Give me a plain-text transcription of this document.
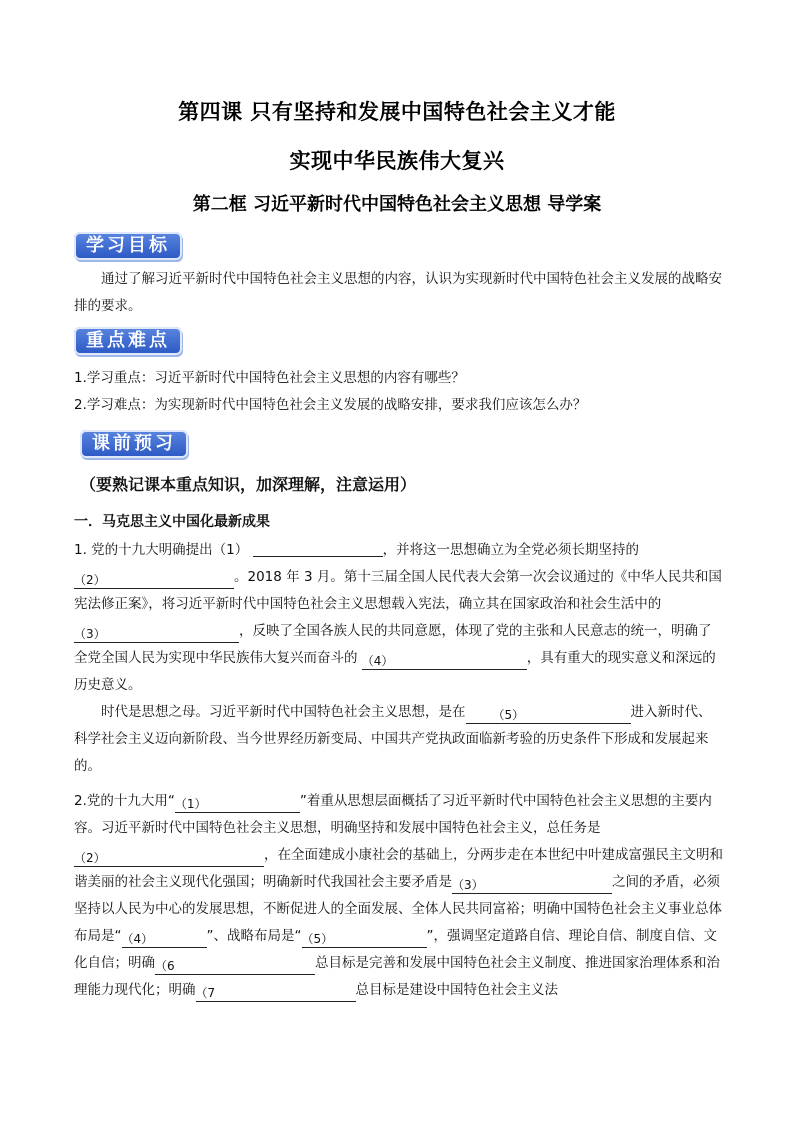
第四课 只有坚持和发展中国特色社会主义才能
实现中华民族伟大复兴
第二框 习近平新时代中国特色社会主义思想 导学案
学习目标
通过了解习近平新时代中国特色社会主义思想的内容，认识为实现新时代中国特色社会主义发展的战略安排的要求。
重点难点
1.学习重点：习近平新时代中国特色社会主义思想的内容有哪些？
2.学习难点：为实现新时代中国特色社会主义发展的战略安排，要求我们应该怎么办？
课前预习
（要熟记课本重点知识，加深理解，注意运用）
一．马克思主义中国化最新成果
1. 党的十九大明确提出（1）	，并将这一思想确立为全党必须长期坚持的 （2）	。2018 年 3 月。第十三届全国人民代表大会第一次会议通过的《中华人民共和国宪法修正案》，将习近平新时代中国特色社会主义思想载入宪法，确立其在国家政治和社会生活中的 （3）	，反映了全国各族人民的共同意愿，体现了党的主张和人民意志的统一，明确了全党全国人民为实现中华民族伟大复兴而奋斗的 （4）	，具有重大的现实意义和深远的历史意义。
时代是思想之母。习近平新时代中国特色社会主义思想，是在 （5）	进入新时代、科学社会主义迈向新阶段、当今世界经历新变局、中国共产党执政面临新考验的历史条件下形成和发展起来的。
2.党的十九大用“（1）	”着重从思想层面概括了习近平新时代中国特色社会主义思想的主要内容。习近平新时代中国特色社会主义思想，明确坚持和发展中国特色社会主义，总任务是 （2）	，在全面建成小康社会的基础上，分两步走在本世纪中叶建成富强民主文明和谐美丽的社会主义现代化强国；明确新时代我国社会主要矛盾是（3）	之间的矛盾，必须坚持以人民为中心的发展思想，不断促进人的全面发展、全体人民共同富裕；明确中国特色社会主义事业总体布局是“（4）	”、战略布局是“（5）	”，强调坚定道路自信、理论自信、制度自信、文化自信；明确（6	总目标是完善和发展中国特色社会主义制度、推进国家治理体系和治理能力现代化；明确（7	总目标是建设中国特色社会主义法
